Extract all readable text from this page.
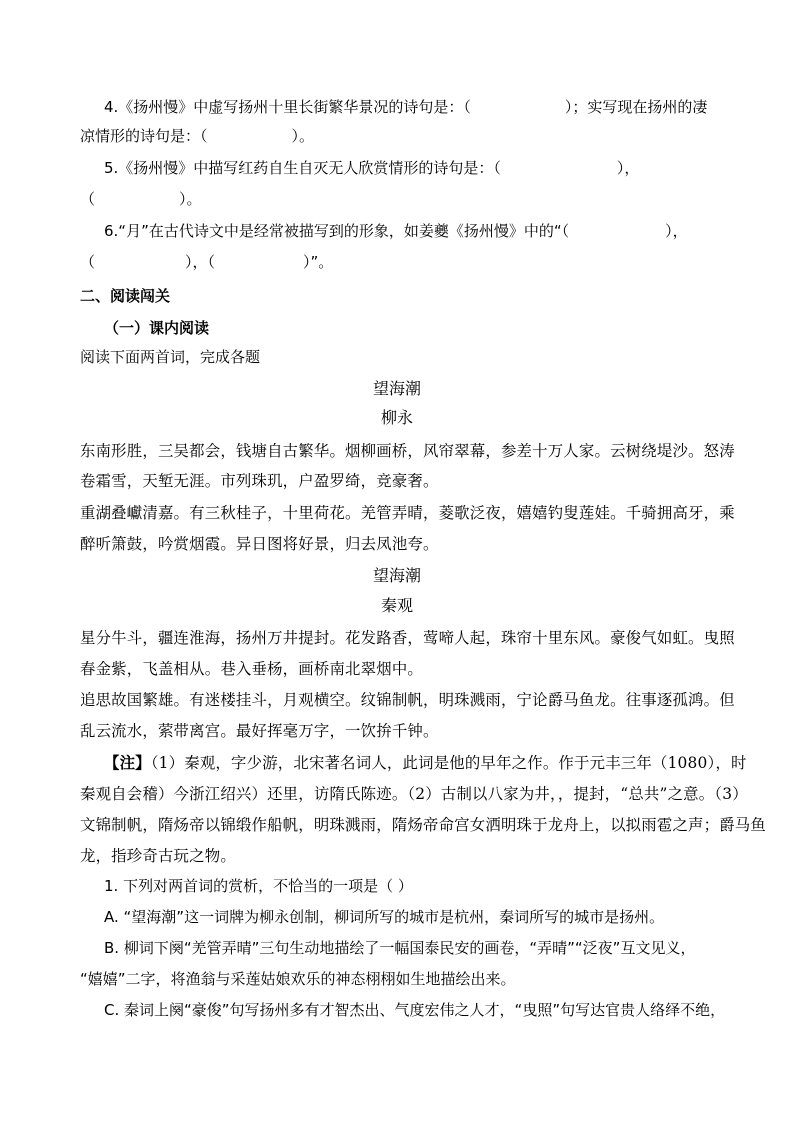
4.《扬州慢》中虚写扬州十里长街繁华景况的诗句是：（	）；实写现在扬州的凄
凉情形的诗句是：（	）。
5.《扬州慢》中描写红药自生自灭无人欣赏情形的诗句是：（	），
（	）。
6.“月”在古代诗文中是经常被描写到的形象，如姜夔《扬州慢》中的“（	），
（	），（	）”。
二、阅读闯关
（一）课内阅读
阅读下面两首词，完成各题
望海潮
柳永
东南形胜，三吴都会，钱塘自古繁华。烟柳画桥，风帘翠幕，参差十万人家。云树绕堤沙。怒涛
卷霜雪，天堑无涯。市列珠玑，户盈罗绮，竞豪奢。
重湖叠巘清嘉。有三秋桂子，十里荷花。羌管弄晴，菱歌泛夜，嬉嬉钓叟莲娃。千骑拥高牙，乘
醉听箫鼓，吟赏烟霞。异日图将好景，归去凤池夸。
望海潮
秦观
星分牛斗，疆连淮海，扬州万井提封。花发路香，莺啼人起，珠帘十里东风。豪俊气如虹。曳照
春金紫，飞盖相从。巷入垂杨，画桥南北翠烟中。
追思故国繁雄。有迷楼挂斗，月观横空。纹锦制帆，明珠溅雨，宁论爵马鱼龙。往事逐孤鸿。但
乱云流水，萦带离宫。最好挥毫万字，一饮拚千钟。
【注】（1）秦观，字少游，北宋著名词人，此词是他的早年之作。作于元丰三年（1080），时
秦观自会稽）今浙江绍兴）还里，访隋氏陈迹。（2）古制以八家为井，，提封，“总共”之意。（3）
文锦制帆，隋炀帝以锦缎作船帆，明珠溅雨，隋炀帝命宫女洒明珠于龙舟上，以拟雨雹之声；爵马鱼
龙，指珍奇古玩之物。
1. 下列对两首词的赏析，不恰当的一项是（ ）
A. “望海潮”这一词牌为柳永创制，柳词所写的城市是杭州，秦词所写的城市是扬州。
B. 柳词下阕“羌管弄晴”三句生动地描绘了一幅国泰民安的画卷，“弄晴”“泛夜”互文见义，
“嬉嬉”二字，将渔翁与采莲姑娘欢乐的神态栩栩如生地描绘出来。
C. 秦词上阕“豪俊”句写扬州多有才智杰出、气度宏伟之人才，“曳照”句写达官贵人络绎不绝，
